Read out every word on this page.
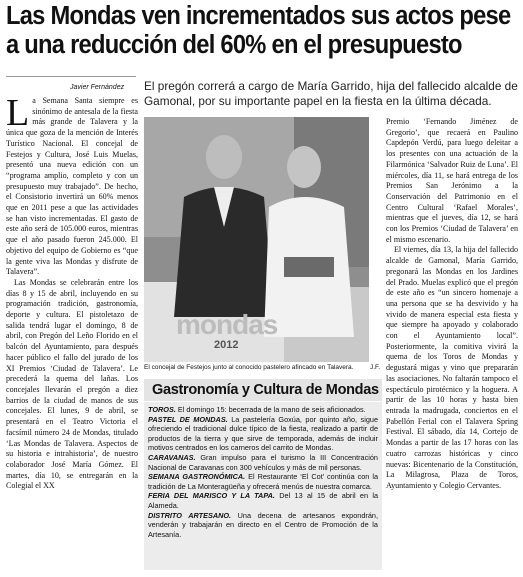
Las Mondas ven incrementados sus actos pese
a una reducción del 60% en el presupuesto
Javier Fernández El pregón correrá a cargo de María Garrido, hija del fallecido alcalde de Gamonal, por su importante papel en la fiesta en la última década.

La Semana Santa siempre es sinónimo de antesala de la fiesta más grande de Talavera y la única que goza de la mención de Interés Turístico Nacional. El concejal de Festejos y Cultura, José Luis Muelas, presentó una nueva edición con un “programa amplio, completo y con un presupuesto muy trabajado”. De hecho, el Consistorio invertirá un 60% menos que en 2011 pese a que las actividades se han visto incrementadas. El gasto de este año será de 105.000 euros, mientras que el año pasado fueron 245.000. El objetivo del equipo de Gobierno es “que la gente viva las Mondas y disfrute de Talavera”.

Las Mondas se celebrarán entre los días 8 y 15 de abril, incluyendo en su programación tradición, gastronomía, deporte y cultura. El pistoletazo de salida tendrá lugar el domingo, 8 de abril, con Pregón del Leño Florido en el balcón del Ayuntamiento, para después hacer público el fallo del jurado de los XI Premios ‘Ciudad de Talavera’. Le precederá la quema del lañas. Los concejales llevarán el pregón a diez barrios de la ciudad de manos de sus concejales. El lunes, 9 de abril, se presentará en el Teatro Victoria el facsímil número 24 de Mondas, titulado ‘Las Mondas de Talavera. Aspectos de su historia e intrahistoria’, de nuestro colaborador José María Gómez. El martes, día 10, se entregarán en la Colegial el XX

mondas
2012
El concejal de Festejos junto al conocido pastelero afincado en Talavera.	J.F.
Gastronomía y Cultura de Mondas

TOROS. El domingo 15: becerrada de la mano de seis aficionados.

PASTEL DE MONDAS. La pastelería Goxúa, por quinto año, sigue ofreciendo el tradicional dulce típico de la fiesta, realizado a partir de productos de la tierra y que sirve de temporada, además de incluir motivos centrados en los carneros del carrito de Mondas.

CARAVANAS. Gran impulso para el turismo la III Concentración Nacional de Caravanas con 300 vehículos y más de mil personas.

SEMANA GASTRONÓMICA. El Restaurante ‘El Cot’ continúa con la tradición de La Monteragüeña y ofrecerá menús de nuestra comarca.

FERIA DEL MARISCO Y LA TAPA. Del 13 al 15 de abril en la Alameda.

DISTRITO ARTESANO. Una decena de artesanos expondrán, venderán y trabajarán en directo en el Centro de Promoción de la Artesanía.

Premio ‘Fernando Jiménez de Gregorio’, que recaerá en Paulino Capdepón Verdú, para luego deleitar a los presentes con una actuación de la Filarmónica ‘Salvador Ruiz de Luna’. El miércoles, día 11, se hará entrega de los Premios San Jerónimo a la Conservación del Patrimonio en el Centro Cultural ‘Rafael Morales’, mientras que el jueves, día 12, se hará con los Premios ‘Ciudad de Talavera’ en el mismo escenario.

El viernes, día 13, la hija del fallecido alcalde de Gamonal, María Garrido, pregonará las Mondas en los Jardines del Prado. Muelas explicó que el pregón de este año es “un sincero homenaje a una persona que se ha desvivido y ha vivido de manera especial esta fiesta y que siempre ha apoyado y colaborado con el Ayuntamiento local”. Posteriormente, la comitiva vivirá la quema de los Toros de Mondas y degustará migas y vino que prepararán las asociaciones. No faltarán tampoco el espectáculo pirotécnico y la hoguera. A partir de las 10 horas y hasta bien entrada la madrugada, conciertos en el Pabellón Ferial con el Talavera Spring Festival. El sábado, día 14, Cortejo de Mondas a partir de las 17 horas con las cuatro carrozas históricas y cinco nuevas: Bicentenario de la Constitución, La Milagrosa, Plaza de Toros, Ayuntamiento y Colegio Cervantes.
